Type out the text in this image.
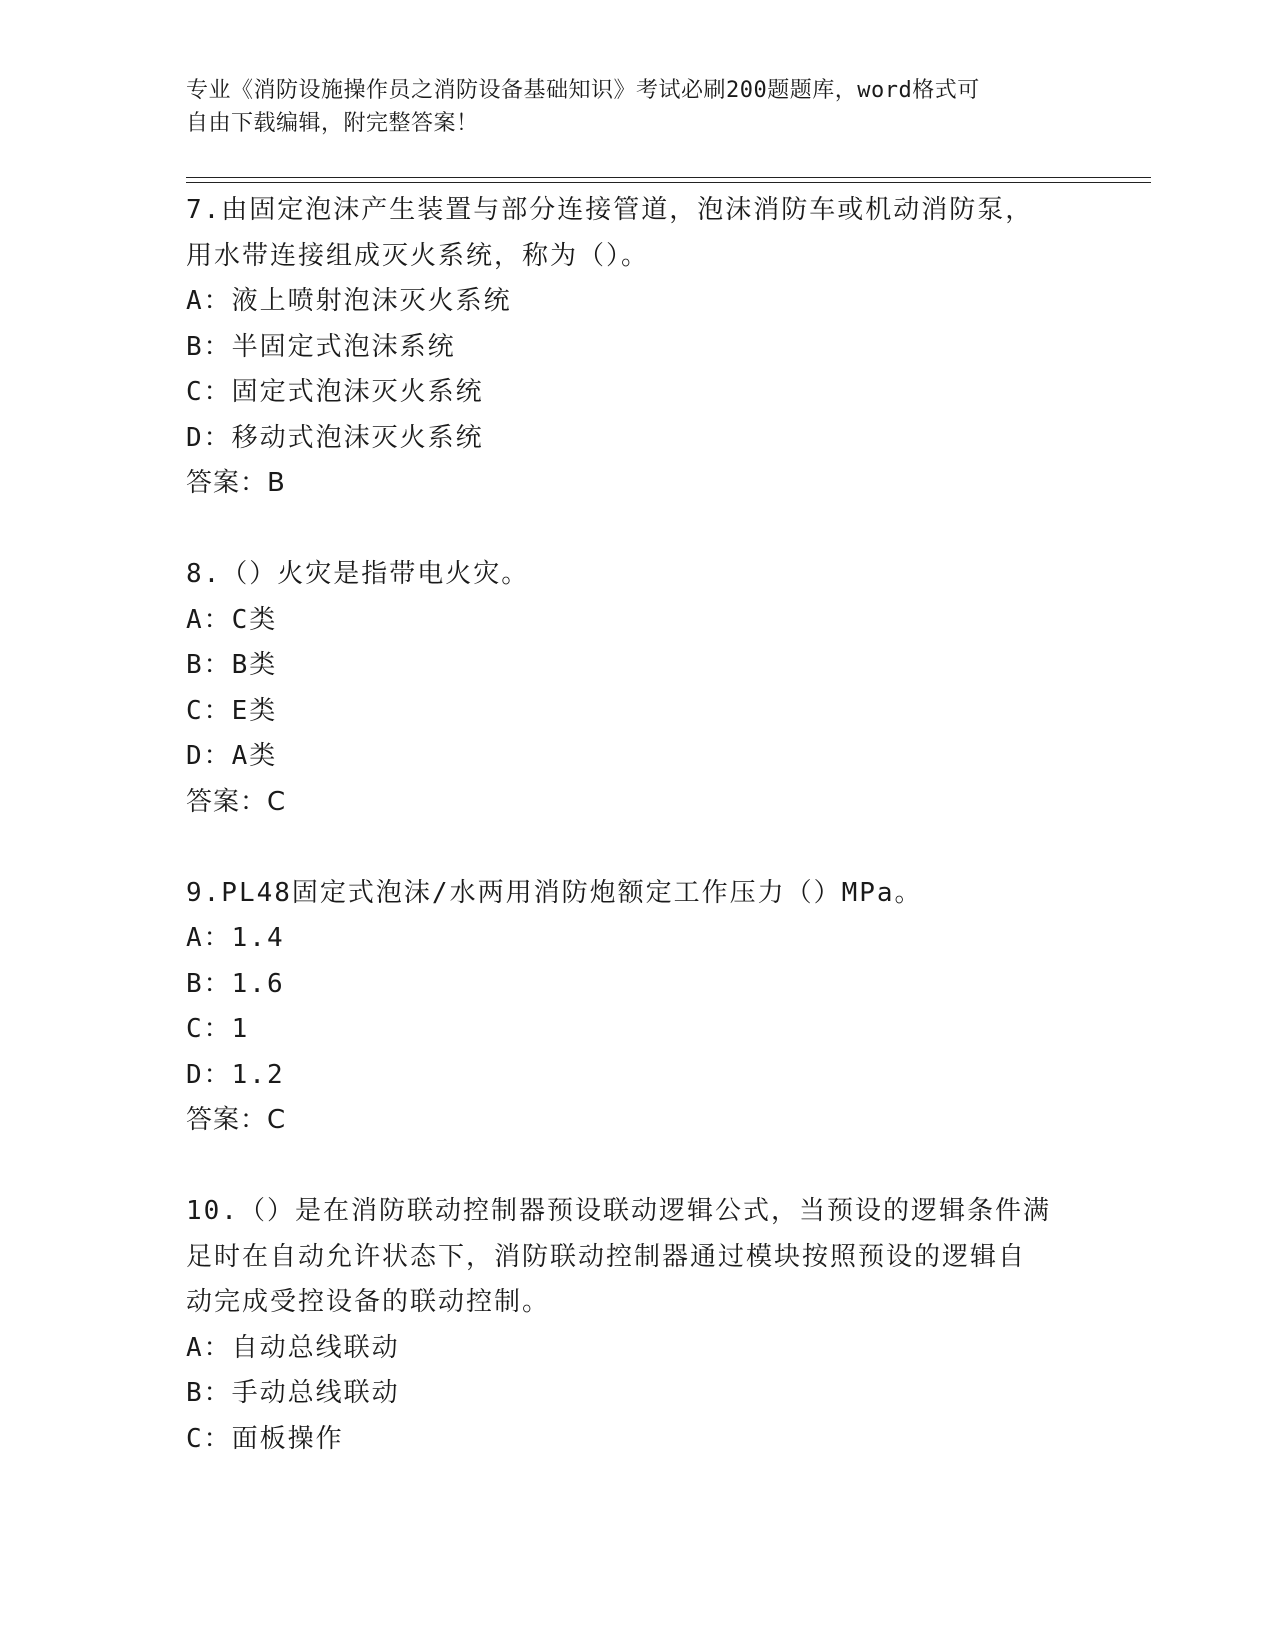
专业《消防设施操作员之消防设备基础知识》考试必刷200题题库，word格式可
自由下载编辑，附完整答案！
7.由固定泡沫产生装置与部分连接管道，泡沫消防车或机动消防泵，
用水带连接组成灭火系统，称为（）。
A：液上喷射泡沫灭火系统
B：半固定式泡沫系统
C：固定式泡沫灭火系统
D：移动式泡沫灭火系统
答案：B
8.（）火灾是指带电火灾。
A：C类
B：B类
C：E类
D：A类
答案：C
9.PL48固定式泡沫/水两用消防炮额定工作压力（）MPa。
A：1.4
B：1.6
C：1
D：1.2
答案：C
10.（）是在消防联动控制器预设联动逻辑公式，当预设的逻辑条件满
足时在自动允许状态下，消防联动控制器通过模块按照预设的逻辑自
动完成受控设备的联动控制。
A：自动总线联动
B：手动总线联动
C：面板操作
